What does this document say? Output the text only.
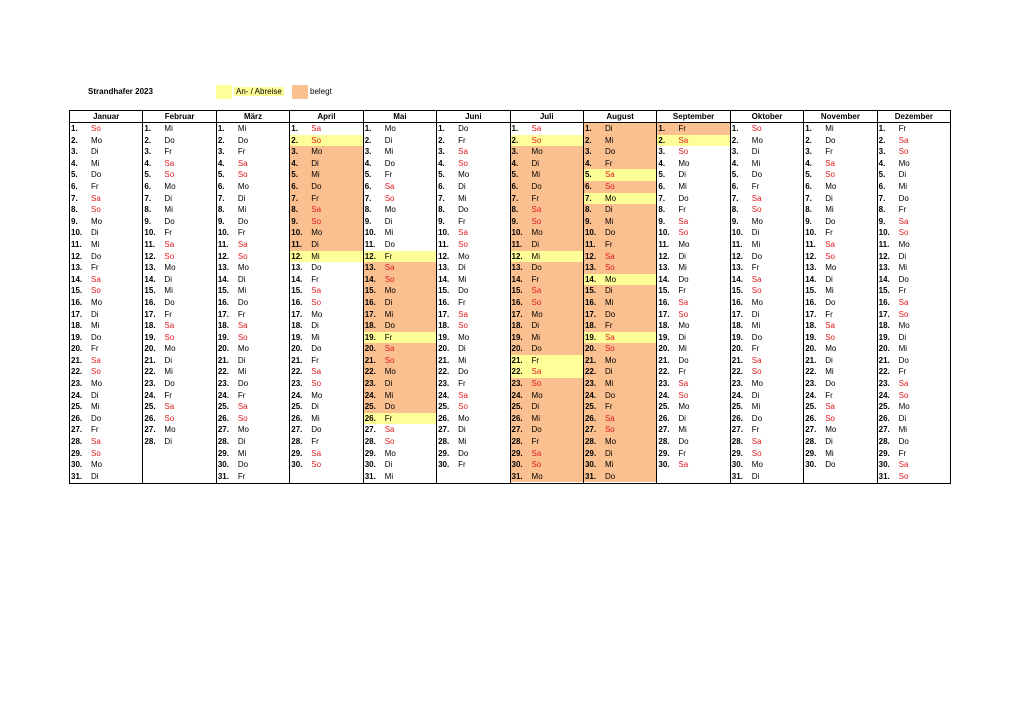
Strandhafer 2023	An- / Abreise	belegt
Januar
1.	So
2.	Mo
3.	Di
4.	Mi
5.	Do
6.	Fr
7.	Sa
8.	So
9.	Mo
10.	Di
11.	Mi
12.	Do
13.	Fr
14.	Sa
15.	So
16.	Mo
17.	Di
18.	Mi
19.	Do
20.	Fr
21.	Sa
22.	So
23.	Mo
24.	Di
25.	Mi
26.	Do
27.	Fr
28.	Sa
29.	So
30.	Mo
31.	Di
Februar
1.	Mi
2.	Do
3.	Fr
4.	Sa
5.	So
6.	Mo
7.	Di
8.	Mi
9.	Do
10.	Fr
11.	Sa
12.	So
13.	Mo
14.	Di
15.	Mi
16.	Do
17.	Fr
18.	Sa
19.	So
20.	Mo
21.	Di
22.	Mi
23.	Do
24.	Fr
25.	Sa
26.	So
27.	Mo
28.	Di
März
1.	Mi
2.	Do
3.	Fr
4.	Sa
5.	So
6.	Mo
7.	Di
8.	Mi
9.	Do
10.	Fr
11.	Sa
12.	So
13.	Mo
14.	Di
15.	Mi
16.	Do
17.	Fr
18.	Sa
19.	So
20.	Mo
21.	Di
22.	Mi
23.	Do
24.	Fr
25.	Sa
26.	So
27.	Mo
28.	Di
29.	Mi
30.	Do
31.	Fr
April
1.	Sa
2.	So
3.	Mo
4.	Di
5.	Mi
6.	Do
7.	Fr
8.	Sa
9.	So
10.	Mo
11.	Di
12.	Mi
13.	Do
14.	Fr
15.	Sa
16.	So
17.	Mo
18.	Di
19.	Mi
20.	Do
21.	Fr
22.	Sa
23.	So
24.	Mo
25.	Di
26.	Mi
27.	Do
28.	Fr
29.	Sa
30.	So
Mai
1.	Mo
2.	Di
3.	Mi
4.	Do
5.	Fr
6.	Sa
7.	So
8.	Mo
9.	Di
10.	Mi
11.	Do
12.	Fr
13.	Sa
14.	So
15.	Mo
16.	Di
17.	Mi
18.	Do
19.	Fr
20.	Sa
21.	So
22.	Mo
23.	Di
24.	Mi
25.	Do
26.	Fr
27.	Sa
28.	So
29.	Mo
30.	Di
31.	Mi
Juni
1.	Do
2.	Fr
3.	Sa
4.	So
5.	Mo
6.	Di
7.	Mi
8.	Do
9.	Fr
10.	Sa
11.	So
12.	Mo
13.	Di
14.	Mi
15.	Do
16.	Fr
17.	Sa
18.	So
19.	Mo
20.	Di
21.	Mi
22.	Do
23.	Fr
24.	Sa
25.	So
26.	Mo
27.	Di
28.	Mi
29.	Do
30.	Fr
Juli
1.	Sa
2.	So
3.	Mo
4.	Di
5.	Mi
6.	Do
7.	Fr
8.	Sa
9.	So
10.	Mo
11.	Di
12.	Mi
13.	Do
14.	Fr
15.	Sa
16.	So
17.	Mo
18.	Di
19.	Mi
20.	Do
21.	Fr
22.	Sa
23.	So
24.	Mo
25.	Di
26.	Mi
27.	Do
28.	Fr
29.	Sa
30.	So
31.	Mo
August
1.	Di
2.	Mi
3.	Do
4.	Fr
5.	Sa
6.	So
7.	Mo
8.	Di
9.	Mi
10.	Do
11.	Fr
12.	Sa
13.	So
14.	Mo
15.	Di
16.	Mi
17.	Do
18.	Fr
19.	Sa
20.	So
21.	Mo
22.	Di
23.	Mi
24.	Do
25.	Fr
26.	Sa
27.	So
28.	Mo
29.	Di
30.	Mi
31.	Do
September
1.	Fr
2.	Sa
3.	So
4.	Mo
5.	Di
6.	Mi
7.	Do
8.	Fr
9.	Sa
10.	So
11.	Mo
12.	Di
13.	Mi
14.	Do
15.	Fr
16.	Sa
17.	So
18.	Mo
19.	Di
20.	Mi
21.	Do
22.	Fr
23.	Sa
24.	So
25.	Mo
26.	Di
27.	Mi
28.	Do
29.	Fr
30.	Sa
Oktober
1.	So
2.	Mo
3.	Di
4.	Mi
5.	Do
6.	Fr
7.	Sa
8.	So
9.	Mo
10.	Di
11.	Mi
12.	Do
13.	Fr
14.	Sa
15.	So
16.	Mo
17.	Di
18.	Mi
19.	Do
20.	Fr
21.	Sa
22.	So
23.	Mo
24.	Di
25.	Mi
26.	Do
27.	Fr
28.	Sa
29.	So
30.	Mo
31.	Di
November
1.	Mi
2.	Do
3.	Fr
4.	Sa
5.	So
6.	Mo
7.	Di
8.	Mi
9.	Do
10.	Fr
11.	Sa
12.	So
13.	Mo
14.	Di
15.	Mi
16.	Do
17.	Fr
18.	Sa
19.	So
20.	Mo
21.	Di
22.	Mi
23.	Do
24.	Fr
25.	Sa
26.	So
27.	Mo
28.	Di
29.	Mi
30.	Do
Dezember
1.	Fr
2.	Sa
3.	So
4.	Mo
5.	Di
6.	Mi
7.	Do
8.	Fr
9.	Sa
10.	So
11.	Mo
12.	Di
13.	Mi
14.	Do
15.	Fr
16.	Sa
17.	So
18.	Mo
19.	Di
20.	Mi
21.	Do
22.	Fr
23.	Sa
24.	So
25.	Mo
26.	Di
27.	Mi
28.	Do
29.	Fr
30.	Sa
31.	So
